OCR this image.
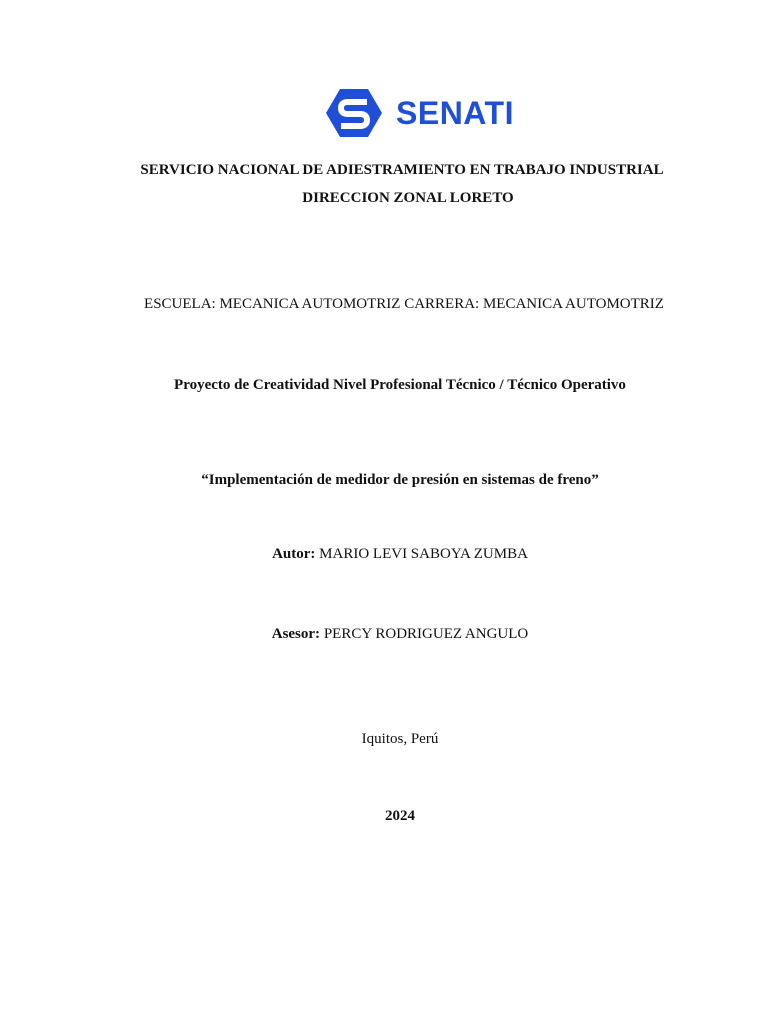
SENATI
SERVICIO NACIONAL DE ADIESTRAMIENTO EN TRABAJO INDUSTRIAL
DIRECCION ZONAL LORETO
ESCUELA: MECANICA AUTOMOTRIZ CARRERA: MECANICA AUTOMOTRIZ
Proyecto de Creatividad Nivel Profesional Técnico / Técnico Operativo
“Implementación de medidor de presión en sistemas de freno”
Autor: MARIO LEVI SABOYA ZUMBA
Asesor: PERCY RODRIGUEZ ANGULO
Iquitos, Perú
2024
